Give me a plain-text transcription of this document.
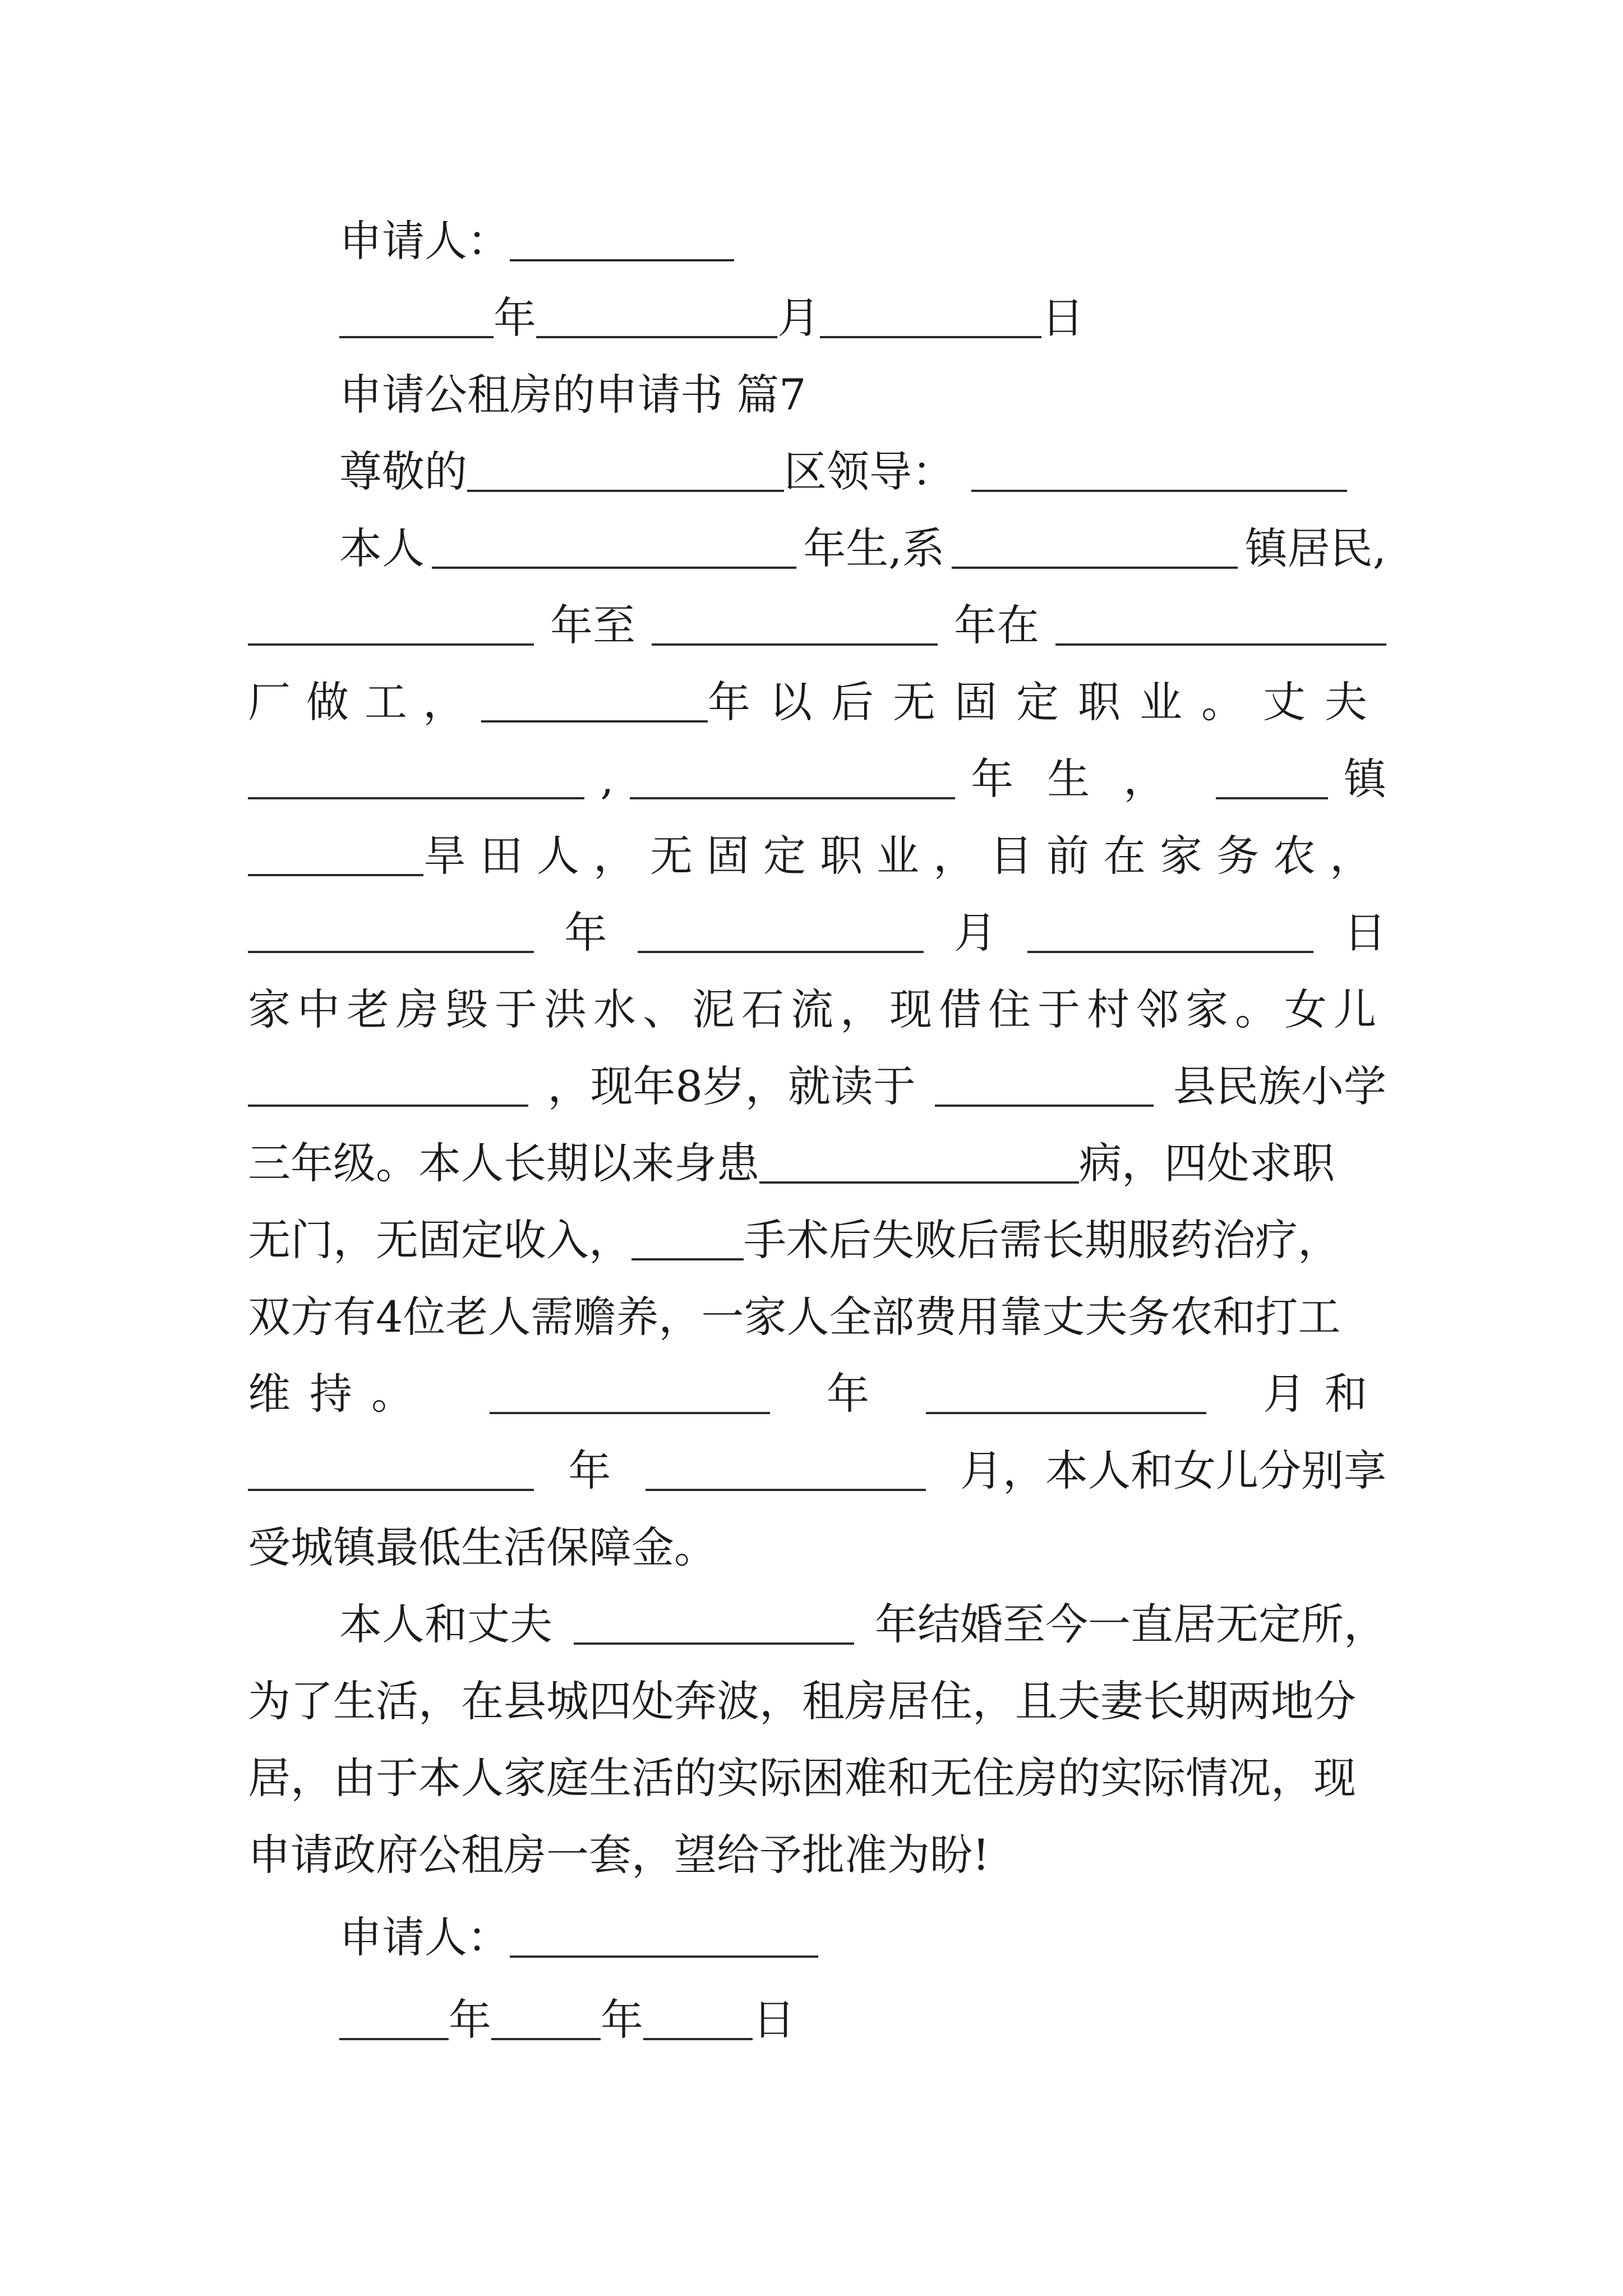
申请人：
年	月	日
申请公租房的申请书 篇7
尊敬的	区领导：
本人	年生,系	镇居民,
年至	年在
厂做工，	年以后无固定职业。丈夫
,	年生，	镇
旱田人，无固定职业，目前在家务农，
年	月	日
家中老房毁于洪水、泥石流，现借住于村邻家。女儿
，现年8岁，就读于	县民族小学
三年级。本人长期以来身患	病，四处求职
无门，无固定收入，	手术后失败后需长期服药治疗，
双方有4位老人需赡养，一家人全部费用靠丈夫务农和打工
维持。	年	月和
年	月，本人和女儿分别享
受城镇最低生活保障金。
本人和丈夫	年结婚至今一直居无定所，
为了生活，在县城四处奔波，租房居住，且夫妻长期两地分
居，由于本人家庭生活的实际困难和无住房的实际情况，现
申请政府公租房一套，望给予批准为盼!
申请人：
年	年	日
